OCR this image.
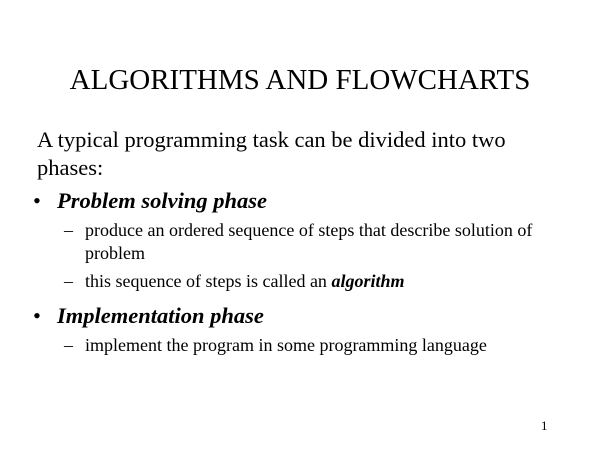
ALGORITHMS AND FLOWCHARTS
A typical programming task can be divided into two phases:
• Problem solving phase
– produce an ordered sequence of steps that describe solution of problem
– this sequence of steps is called an algorithm
• Implementation phase
– implement the program in some programming language
1
